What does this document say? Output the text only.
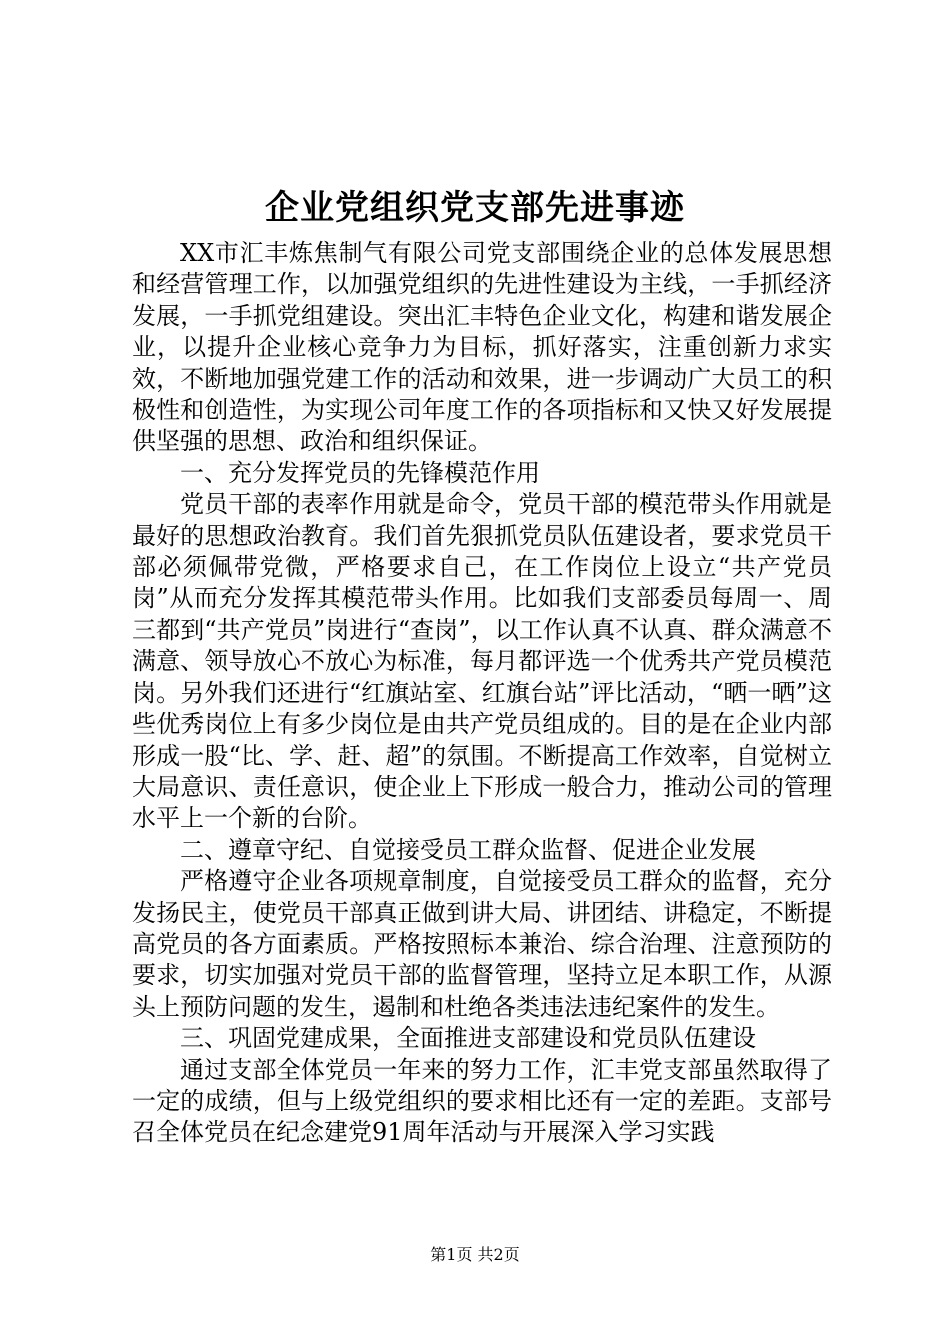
企业党组织党支部先进事迹

XX市汇丰炼焦制气有限公司党支部围绕企业的总体发展思想和经营管理工作，以加强党组织的先进性建设为主线，一手抓经济发展，一手抓党组建设。突出汇丰特色企业文化，构建和谐发展企业，以提升企业核心竞争力为目标，抓好落实，注重创新力求实效，不断地加强党建工作的活动和效果，进一步调动广大员工的积极性和创造性，为实现公司年度工作的各项指标和又快又好发展提供坚强的思想、政治和组织保证。

一、充分发挥党员的先锋模范作用

党员干部的表率作用就是命令，党员干部的模范带头作用就是最好的思想政治教育。我们首先狠抓党员队伍建设者，要求党员干部必须佩带党微，严格要求自己，在工作岗位上设立“共产党员岗”从而充分发挥其模范带头作用。比如我们支部委员每周一、周三都到“共产党员”岗进行“查岗”，以工作认真不认真、群众满意不满意、领导放心不放心为标准，每月都评选一个优秀共产党员模范岗。另外我们还进行“红旗站室、红旗台站”评比活动，“晒一晒”这些优秀岗位上有多少岗位是由共产党员组成的。目的是在企业内部形成一股“比、学、赶、超”的氛围。不断提高工作效率，自觉树立大局意识、责任意识，使企业上下形成一般合力，推动公司的管理水平上一个新的台阶。

二、遵章守纪、自觉接受员工群众监督、促进企业发展

严格遵守企业各项规章制度，自觉接受员工群众的监督，充分发扬民主，使党员干部真正做到讲大局、讲团结、讲稳定，不断提高党员的各方面素质。严格按照标本兼治、综合治理、注意预防的要求，切实加强对党员干部的监督管理，坚持立足本职工作，从源头上预防问题的发生，遏制和杜绝各类违法违纪案件的发生。

三、巩固党建成果，全面推进支部建设和党员队伍建设

通过支部全体党员一年来的努力工作，汇丰党支部虽然取得了一定的成绩，但与上级党组织的要求相比还有一定的差距。支部号召全体党员在纪念建党91周年活动与开展深入学习实践

第1页 共2页
